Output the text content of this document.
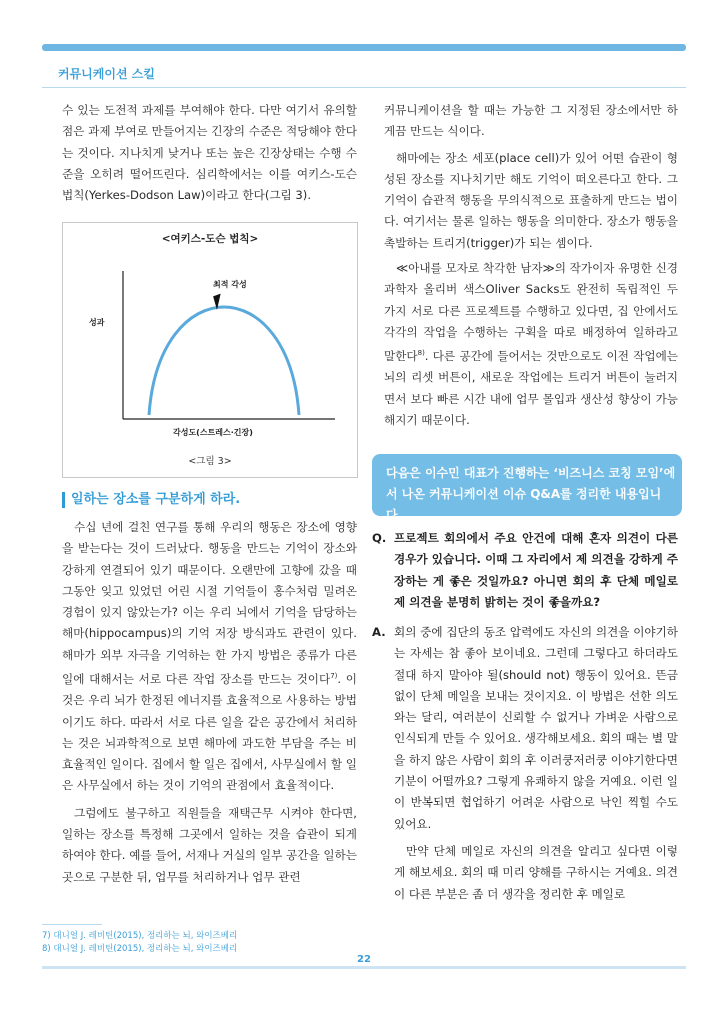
커뮤니케이션 스킬

수 있는 도전적 과제를 부여해야 한다. 다만 여기서 유의할 점은 과제 부여로 만들어지는 긴장의 수준은 적당해야 한다는 것이다. 지나치게 낮거나 또는 높은 긴장상태는 수행 수준을 오히려 떨어뜨린다. 심리학에서는 이를 여키스-도슨 법칙(Yerkes-Dodson Law)이라고 한다(그림 3).

<여키스-도슨 법칙>
최적 각성
성과
각성도(스트레스·긴장)
<그림 3>
일하는 장소를 구분하게 하라.

수십 년에 걸친 연구를 통해 우리의 행동은 장소에 영향을 받는다는 것이 드러났다. 행동을 만드는 기억이 장소와 강하게 연결되어 있기 때문이다. 오랜만에 고향에 갔을 때 그동안 잊고 있었던 어린 시절 기억들이 홍수처럼 밀려온 경험이 있지 않았는가? 이는 우리 뇌에서 기억을 담당하는 해마(hippocampus)의 기억 저장 방식과도 관련이 있다. 해마가 외부 자극을 기억하는 한 가지 방법은 종류가 다른 일에 대해서는 서로 다른 작업 장소를 만드는 것이다$^{7)}$. 이것은 우리 뇌가 한정된 에너지를 효율적으로 사용하는 방법이기도 하다. 따라서 서로 다른 일을 같은 공간에서 처리하는 것은 뇌과학적으로 보면 해마에 과도한 부담을 주는 비효율적인 일이다. 집에서 할 일은 집에서, 사무실에서 할 일은 사무실에서 하는 것이 기억의 관점에서 효율적이다.

그럼에도 불구하고 직원들을 재택근무 시켜야 한다면, 일하는 장소를 특정해 그곳에서 일하는 것을 습관이 되게 하여야 한다. 예를 들어, 서재나 거실의 일부 공간을 일하는 곳으로 구분한 뒤, 업무를 처리하거나 업무 관련

커뮤니케이션을 할 때는 가능한 그 지정된 장소에서만 하게끔 만드는 식이다.

해마에는 장소 세포(place cell)가 있어 어떤 습관이 형성된 장소를 지나치기만 해도 기억이 떠오른다고 한다. 그 기억이 습관적 행동을 무의식적으로 표출하게 만드는 법이다. 여기서는 물론 일하는 행동을 의미한다. 장소가 행동을 촉발하는 트리거(trigger)가 되는 셈이다.

≪아내를 모자로 착각한 남자≫의 작가이자 유명한 신경과학자 올리버 색스Oliver Sacks도 완전히 독립적인 두 가지 서로 다른 프로젝트를 수행하고 있다면, 집 안에서도 각각의 작업을 수행하는 구획을 따로 배정하여 일하라고 말한다$^{8)}$. 다른 공간에 들어서는 것만으로도 이전 작업에는 뇌의 리셋 버튼이, 새로운 작업에는 트리거 버튼이 눌러지면서 보다 빠른 시간 내에 업무 몰입과 생산성 향상이 가능해지기 때문이다.

다음은 이수민 대표가 진행하는 ‘비즈니스 코칭 모임’에서 나온 커뮤니케이션 이슈 Q&A를 정리한 내용입니다.
Q. 프로젝트 회의에서 주요 안건에 대해 혼자 의견이 다른 경우가 있습니다. 이때 그 자리에서 제 의견을 강하게 주장하는 게 좋은 것일까요? 아니면 회의 후 단체 메일로 제 의견을 분명히 밝히는 것이 좋을까요?
A. 회의 중에 집단의 동조 압력에도 자신의 의견을 이야기하는 자세는 참 좋아 보이네요. 그런데 그렇다고 하더라도 절대 하지 말아야 될(should not) 행동이 있어요. 뜬금없이 단체 메일을 보내는 것이지요. 이 방법은 선한 의도와는 달리, 여러분이 신뢰할 수 없거나 가벼운 사람으로 인식되게 만들 수 있어요. 생각해보세요. 회의 때는 별 말을 하지 않은 사람이 회의 후 이러쿵저러쿵 이야기한다면 기분이 어떨까요? 그렇게 유쾌하지 않을 거예요. 이런 일이 반복되면 협업하기 어려운 사람으로 낙인 찍힐 수도 있어요.

만약 단체 메일로 자신의 의견을 알리고 싶다면 이렇게 해보세요. 회의 때 미리 양해를 구하시는 거예요. 의견이 다른 부분은 좀 더 생각을 정리한 후 메일로

7) 대니얼 J. 레비틴(2015), 정리하는 뇌, 와이즈베리
8) 대니얼 J. 레비틴(2015), 정리하는 뇌, 와이즈베리
22
